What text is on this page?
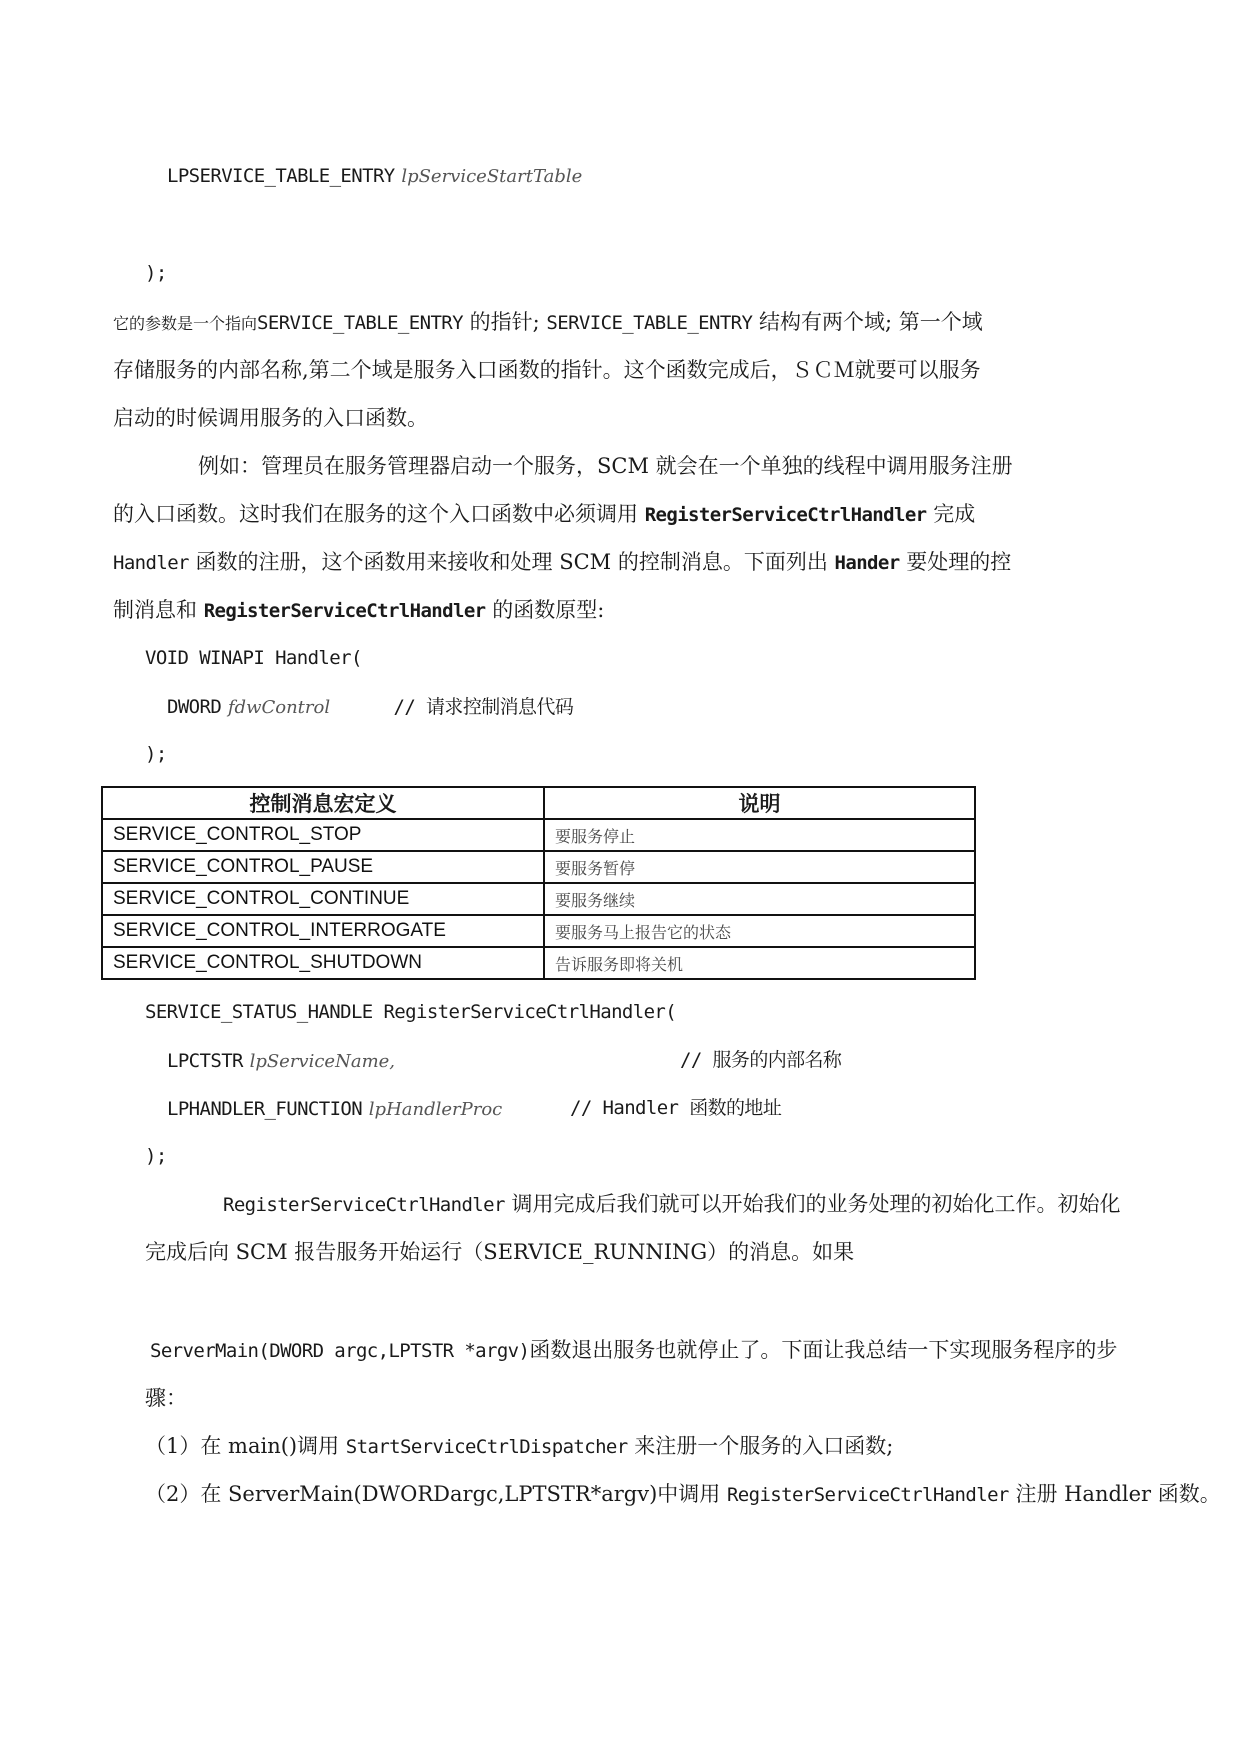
LPSERVICE_TABLE_ENTRY lpServiceStartTable
);
它的参数是一个指向SERVICE_TABLE_ENTRY 的指针; SERVICE_TABLE_ENTRY 结构有两个域; 第一个域
存储服务的内部名称,第二个域是服务入口函数的指针。这个函数完成后，ＳＣＭ就要可以服务
启动的时候调用服务的入口函数。
例如：管理员在服务管理器启动一个服务，SCM 就会在一个单独的线程中调用服务注册
的入口函数。这时我们在服务的这个入口函数中必须调用 RegisterServiceCtrlHandler 完成
Handler 函数的注册，这个函数用来接收和处理 SCM 的控制消息。下面列出 Hander 要处理的控
制消息和 RegisterServiceCtrlHandler 的函数原型:
VOID WINAPI Handler(
DWORD fdwControl	// 请求控制消息代码
);
控制消息宏定义	说明
SERVICE_CONTROL_STOP	要服务停止
SERVICE_CONTROL_PAUSE	要服务暂停
SERVICE_CONTROL_CONTINUE	要服务继续
SERVICE_CONTROL_INTERROGATE	要服务马上报告它的状态
SERVICE_CONTROL_SHUTDOWN	告诉服务即将关机
SERVICE_STATUS_HANDLE RegisterServiceCtrlHandler(
LPCTSTR lpServiceName,	// 服务的内部名称
LPHANDLER_FUNCTION lpHandlerProc	// Handler 函数的地址
);
RegisterServiceCtrlHandler 调用完成后我们就可以开始我们的业务处理的初始化工作。初始化
完成后向 SCM 报告服务开始运行（SERVICE_RUNNING）的消息。如果
ServerMain(DWORD argc,LPTSTR *argv)函数退出服务也就停止了。下面让我总结一下实现服务程序的步
骤：
（1）在 main()调用 StartServiceCtrlDispatcher 来注册一个服务的入口函数;
（2）在 ServerMain(DWORDargc,LPTSTR*argv)中调用 RegisterServiceCtrlHandler 注册 Handler 函数。
